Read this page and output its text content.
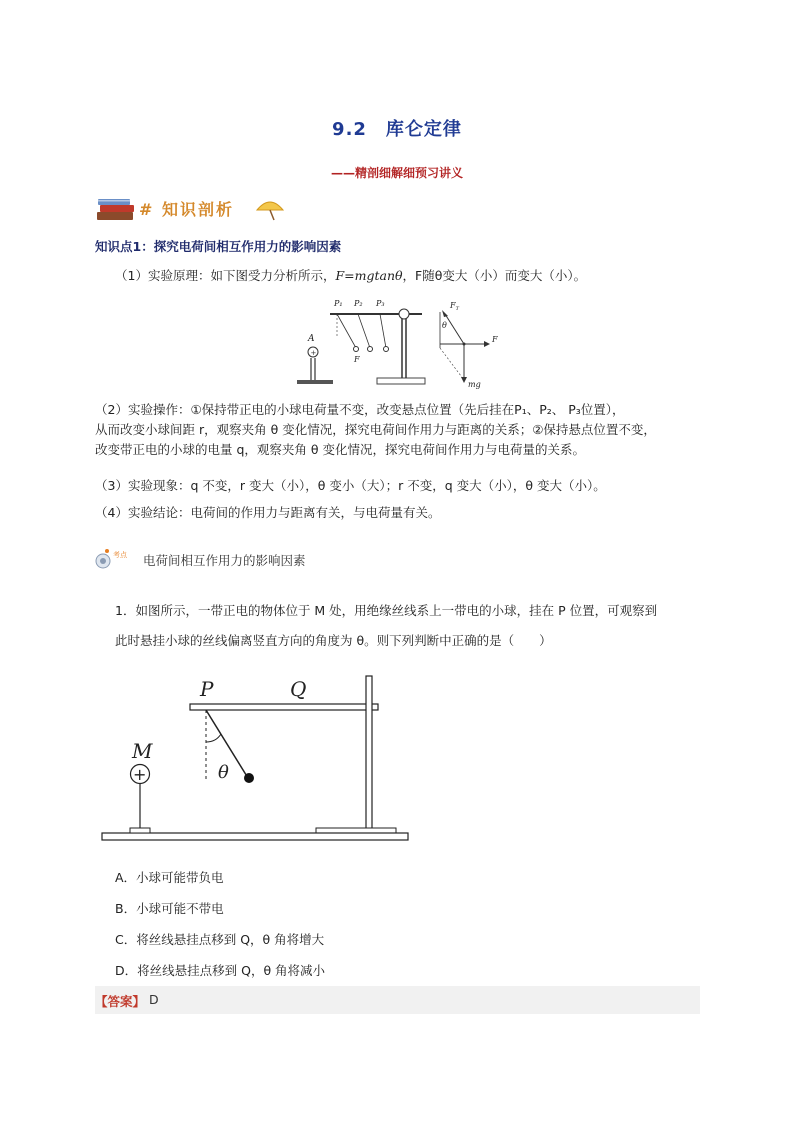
9.2　库仑定律
——精剖细解细预习讲义
# 知识剖析
知识点1：探究电荷间相互作用力的影响因素
（1）实验原理：如下图受力分析所示，F=mgtanθ，F随θ变大（小）而变大（小）。
+
A
P₁ P₂ P₃
F
$F_T$
θ
F
mg
（2）实验操作：①保持带正电的小球电荷量不变，改变悬点位置（先后挂在P₁、P₂、 P₃位置），
从而改变小球间距 r，观察夹角 θ 变化情况，探究电荷间作用力与距离的关系；②保持悬点位置不变，
改变带正电的小球的电量 q，观察夹角 θ 变化情况，探究电荷间作用力与电荷量的关系。
（3）实验现象：q 不变，r 变大（小），θ 变小（大）；r 不变，q 变大（小），θ 变大（小）。
（4）实验结论：电荷间的作用力与距离有关，与电荷量有关。
考点 电荷间相互作用力的影响因素
1．如图所示，一带正电的物体位于 M 处，用绝缘丝线系上一带电的小球，挂在 P 位置，可观察到
此时悬挂小球的丝线偏离竖直方向的角度为 θ。则下列判断中正确的是（　　）
P	Q
+
M
θ
A．小球可能带负电
B．小球可能不带电
C．将丝线悬挂点移到 Q，θ 角将增大
D．将丝线悬挂点移到 Q，θ 角将减小
【答案】 D
